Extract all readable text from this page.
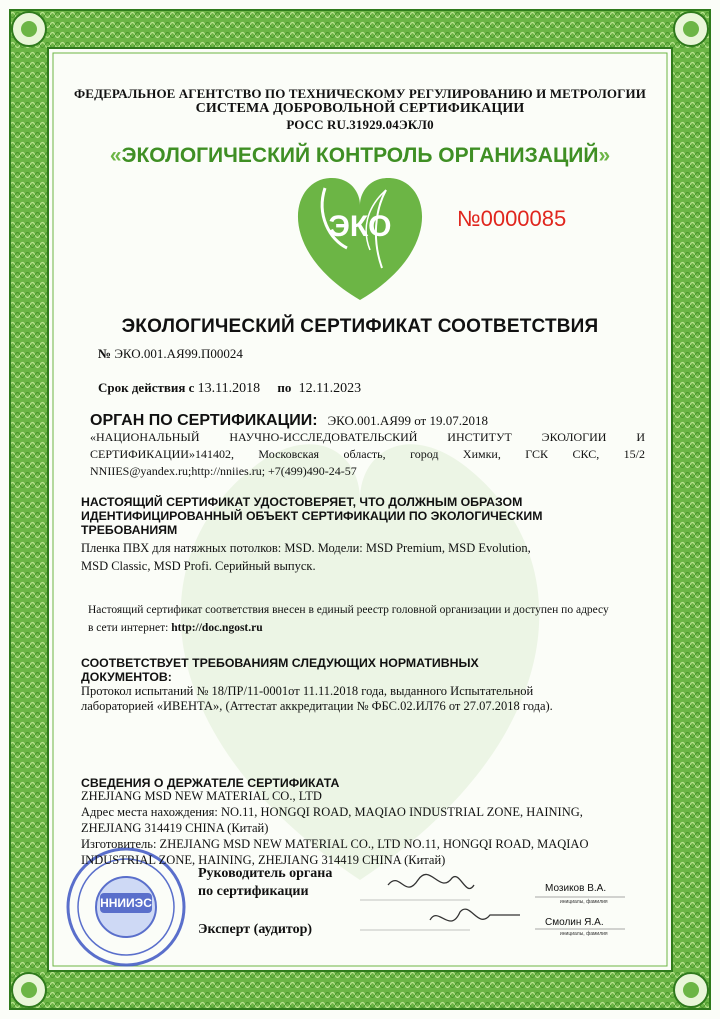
ННИИЭС
ЭКО
ФЕДЕРАЛЬНОЕ АГЕНТСТВО ПО ТЕХНИЧЕСКОМУ РЕГУЛИРОВАНИЮ И МЕТРОЛОГИИ
СИСТЕМА ДОБРОВОЛЬНОЙ СЕРТИФИКАЦИИ
РОСС RU.31929.04ЭКЛ0
«ЭКОЛОГИЧЕСКИЙ КОНТРОЛЬ ОРГАНИЗАЦИЙ»
№0000085
ЭКОЛОГИЧЕСКИЙ СЕРТИФИКАТ СООТВЕТСТВИЯ
№ ЭКО.001.АЯ99.П00024
Срок действия с 13.11.2018 по 12.11.2023
ОРГАН ПО СЕРТИФИКАЦИИ: ЭКО.001.АЯ99 от 19.07.2018
«НАЦИОНАЛЬНЫЙ НАУЧНО-ИССЛЕДОВАТЕЛЬСКИЙ ИНСТИТУТ ЭКОЛОГИИ И
СЕРТИФИКАЦИИ»141402, Московская область, город Химки, ГСК СКС, 15/2
NNIIES@yandex.ru;http://nniies.ru; +7(499)490-24-57
НАСТОЯЩИЙ СЕРТИФИКАТ УДОСТОВЕРЯЕТ, ЧТО ДОЛЖНЫМ ОБРАЗОМ
ИДЕНТИФИЦИРОВАННЫЙ ОБЪЕКТ СЕРТИФИКАЦИИ ПО ЭКОЛОГИЧЕСКИМ
ТРЕБОВАНИЯМ
Пленка ПВХ для натяжных потолков: MSD. Модели: MSD Premium, MSD Evolution,
MSD Classic, MSD Profi. Серийный выпуск.
Настоящий сертификат соответствия внесен в единый реестр головной организации и доступен по адресу
в сети интернет: http://doc.ngost.ru
СООТВЕТСТВУЕТ ТРЕБОВАНИЯМ СЛЕДУЮЩИХ НОРМАТИВНЫХ
ДОКУМЕНТОВ:
Протокол испытаний № 18/ПР/11-0001от 11.11.2018 года, выданного Испытательной
лабораторией «ИВЕНТА», (Аттестат аккредитации № ФБС.02.ИЛ76 от 27.07.2018 года).
СВЕДЕНИЯ О ДЕРЖАТЕЛЕ СЕРТИФИКАТА
ZHEJIANG MSD NEW MATERIAL CO., LTD
Адрес места нахождения: NO.11, HONGQI ROAD, MAQIAO INDUSTRIAL ZONE, HAINING,
ZHEJIANG 314419 CHINA (Китай)
Изготовитель: ZHEJIANG MSD NEW MATERIAL CO., LTD NO.11, HONGQI ROAD, MAQIAO
INDUSTRIAL ZONE, HAINING, ZHEJIANG 314419 CHINA (Китай)
Руководитель органа
по сертификации	Мозиков В.А.
инициалы, фамилия
Эксперт (аудитор)	Смолин Я.А.
инициалы, фамилия
